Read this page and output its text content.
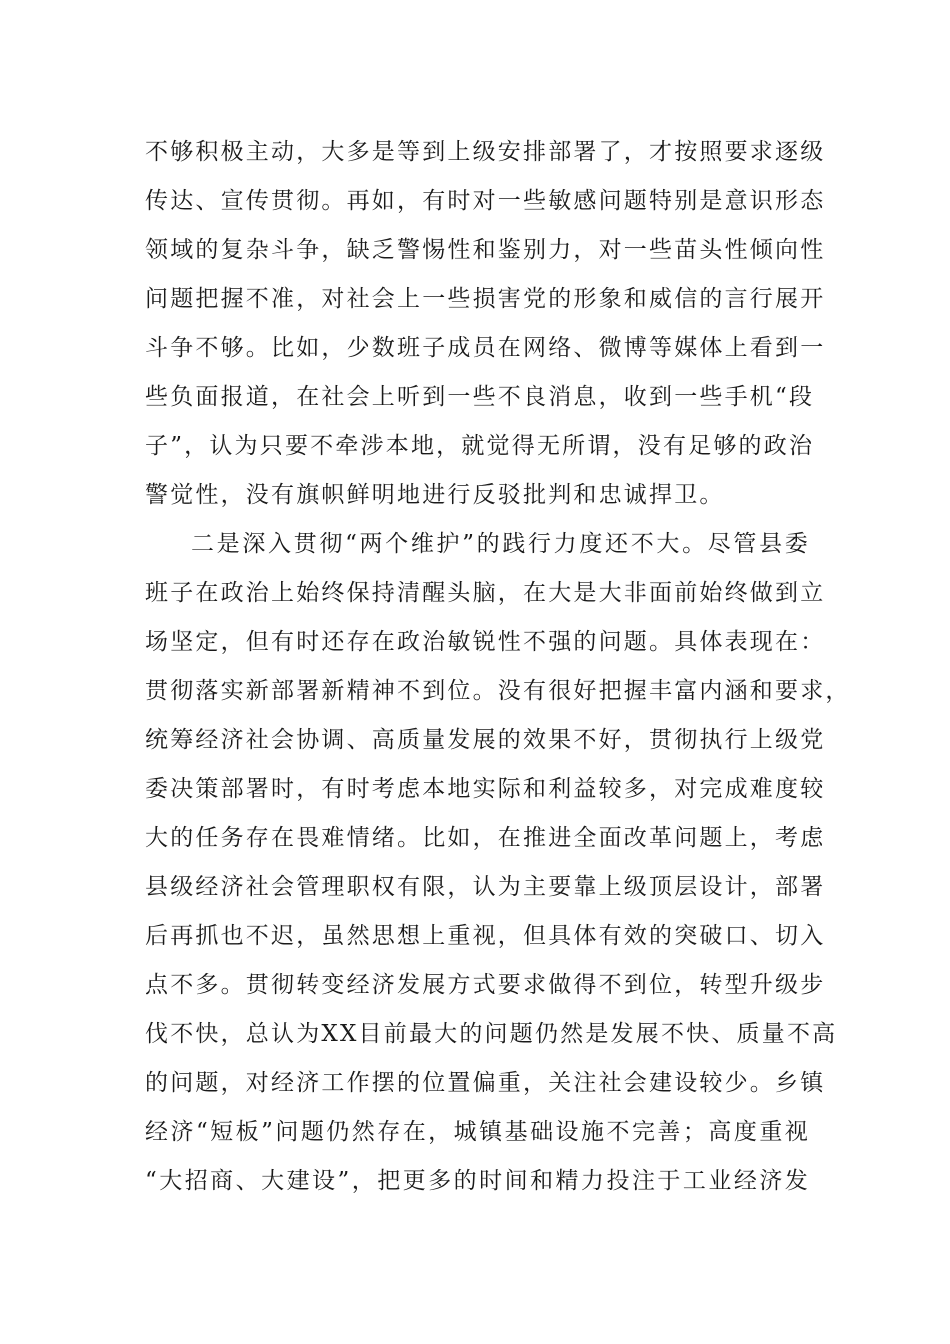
不够积极主动，大多是等到上级安排部署了，才按照要求逐级
传达、宣传贯彻。再如，有时对一些敏感问题特别是意识形态
领域的复杂斗争，缺乏警惕性和鉴别力，对一些苗头性倾向性
问题把握不准，对社会上一些损害党的形象和威信的言行展开
斗争不够。比如，少数班子成员在网络、微博等媒体上看到一
些负面报道，在社会上听到一些不良消息，收到一些手机“段
子”，认为只要不牵涉本地，就觉得无所谓，没有足够的政治
警觉性，没有旗帜鲜明地进行反驳批判和忠诚捍卫。
二是深入贯彻“两个维护”的践行力度还不大。尽管县委
班子在政治上始终保持清醒头脑，在大是大非面前始终做到立
场坚定，但有时还存在政治敏锐性不强的问题。具体表现在：
贯彻落实新部署新精神不到位。没有很好把握丰富内涵和要求，
统筹经济社会协调、高质量发展的效果不好，贯彻执行上级党
委决策部署时，有时考虑本地实际和利益较多，对完成难度较
大的任务存在畏难情绪。比如，在推进全面改革问题上，考虑
县级经济社会管理职权有限，认为主要靠上级顶层设计，部署
后再抓也不迟，虽然思想上重视，但具体有效的突破口、切入
点不多。贯彻转变经济发展方式要求做得不到位，转型升级步
伐不快，总认为XX目前最大的问题仍然是发展不快、质量不高
的问题，对经济工作摆的位置偏重，关注社会建设较少。乡镇
经济“短板”问题仍然存在，城镇基础设施不完善；高度重视
“大招商、大建设”，把更多的时间和精力投注于工业经济发
